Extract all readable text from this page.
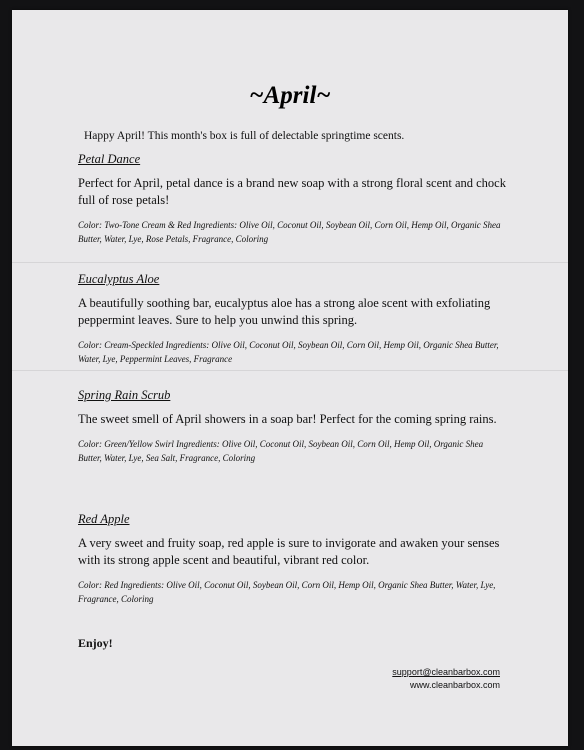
~April~
Happy April! This month's box is full of delectable springtime scents.

Petal Dance

Perfect for April, petal dance is a brand new soap with a strong floral scent and chock full of rose petals!

Color: Two-Tone Cream & Red Ingredients: Olive Oil, Coconut Oil, Soybean Oil, Corn Oil, Hemp Oil, Organic Shea Butter, Water, Lye, Rose Petals, Fragrance, Coloring

Eucalyptus Aloe

A beautifully soothing bar, eucalyptus aloe has a strong aloe scent with exfoliating peppermint leaves. Sure to help you unwind this spring.

Color: Cream-Speckled Ingredients: Olive Oil, Coconut Oil, Soybean Oil, Corn Oil, Hemp Oil, Organic Shea Butter, Water, Lye, Peppermint Leaves, Fragrance

Spring Rain Scrub

The sweet smell of April showers in a soap bar! Perfect for the coming spring rains.

Color: Green/Yellow Swirl Ingredients: Olive Oil, Coconut Oil, Soybean Oil, Corn Oil, Hemp Oil, Organic Shea Butter, Water, Lye, Sea Salt, Fragrance, Coloring

Red Apple

A very sweet and fruity soap, red apple is sure to invigorate and awaken your senses with its strong apple scent and beautiful, vibrant red color.

Color: Red Ingredients: Olive Oil, Coconut Oil, Soybean Oil, Corn Oil, Hemp Oil, Organic Shea Butter, Water, Lye, Fragrance, Coloring

Enjoy!
support@cleanbarbox.com
www.cleanbarbox.com
